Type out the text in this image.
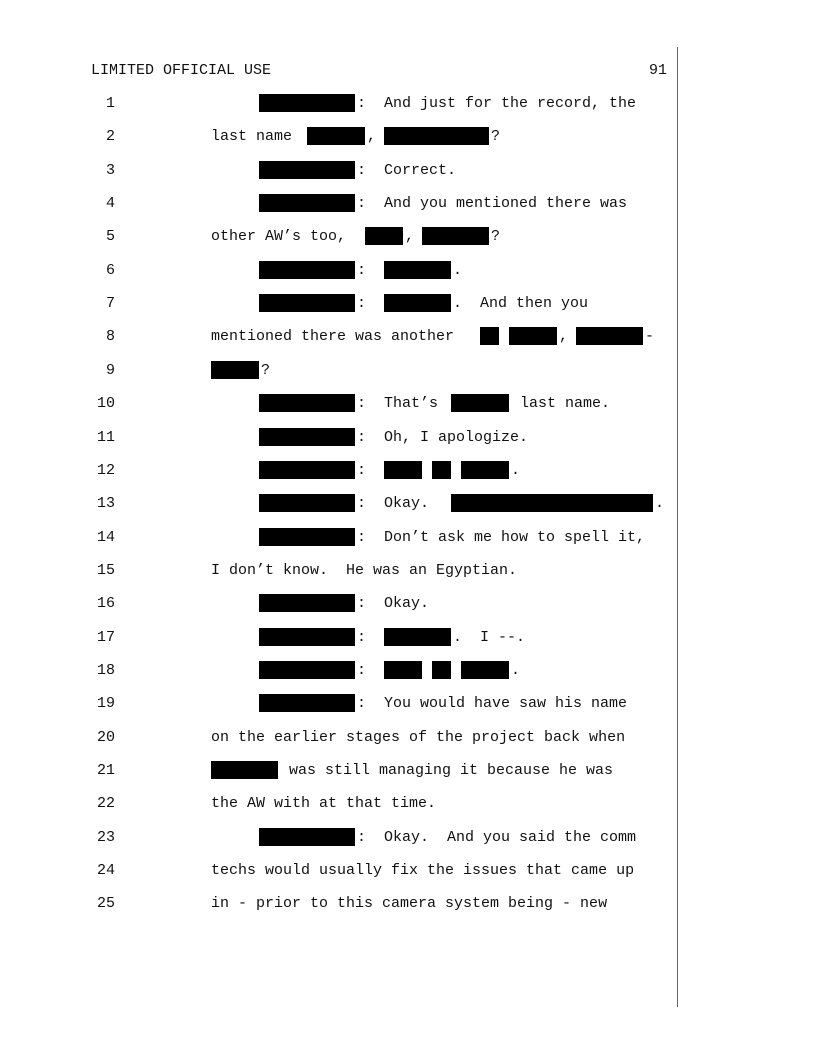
LIMITED OFFICIAL USE	91
1	:  And just for the record, the
2	last name	,	?
3	:  Correct.
4	:  And you mentioned there was
5	other AW’s too,	,	?
6	:	.
7	:	.  And then you
8	mentioned there was another	,	-
9	?
10	:  That’s	last name.
11	:  Oh, I apologize.
12	:	.
13	:  Okay.	.
14	:  Don’t ask me how to spell it,
15	I don’t know.  He was an Egyptian.
16	:  Okay.
17	:	.  I --.
18	:	.
19	:  You would have saw his name
20	on the earlier stages of the project back when
21	was still managing it because he was
22	the AW with at that time.
23	:  Okay.  And you said the comm
24	techs would usually fix the issues that came up
25	in - prior to this camera system being - new
